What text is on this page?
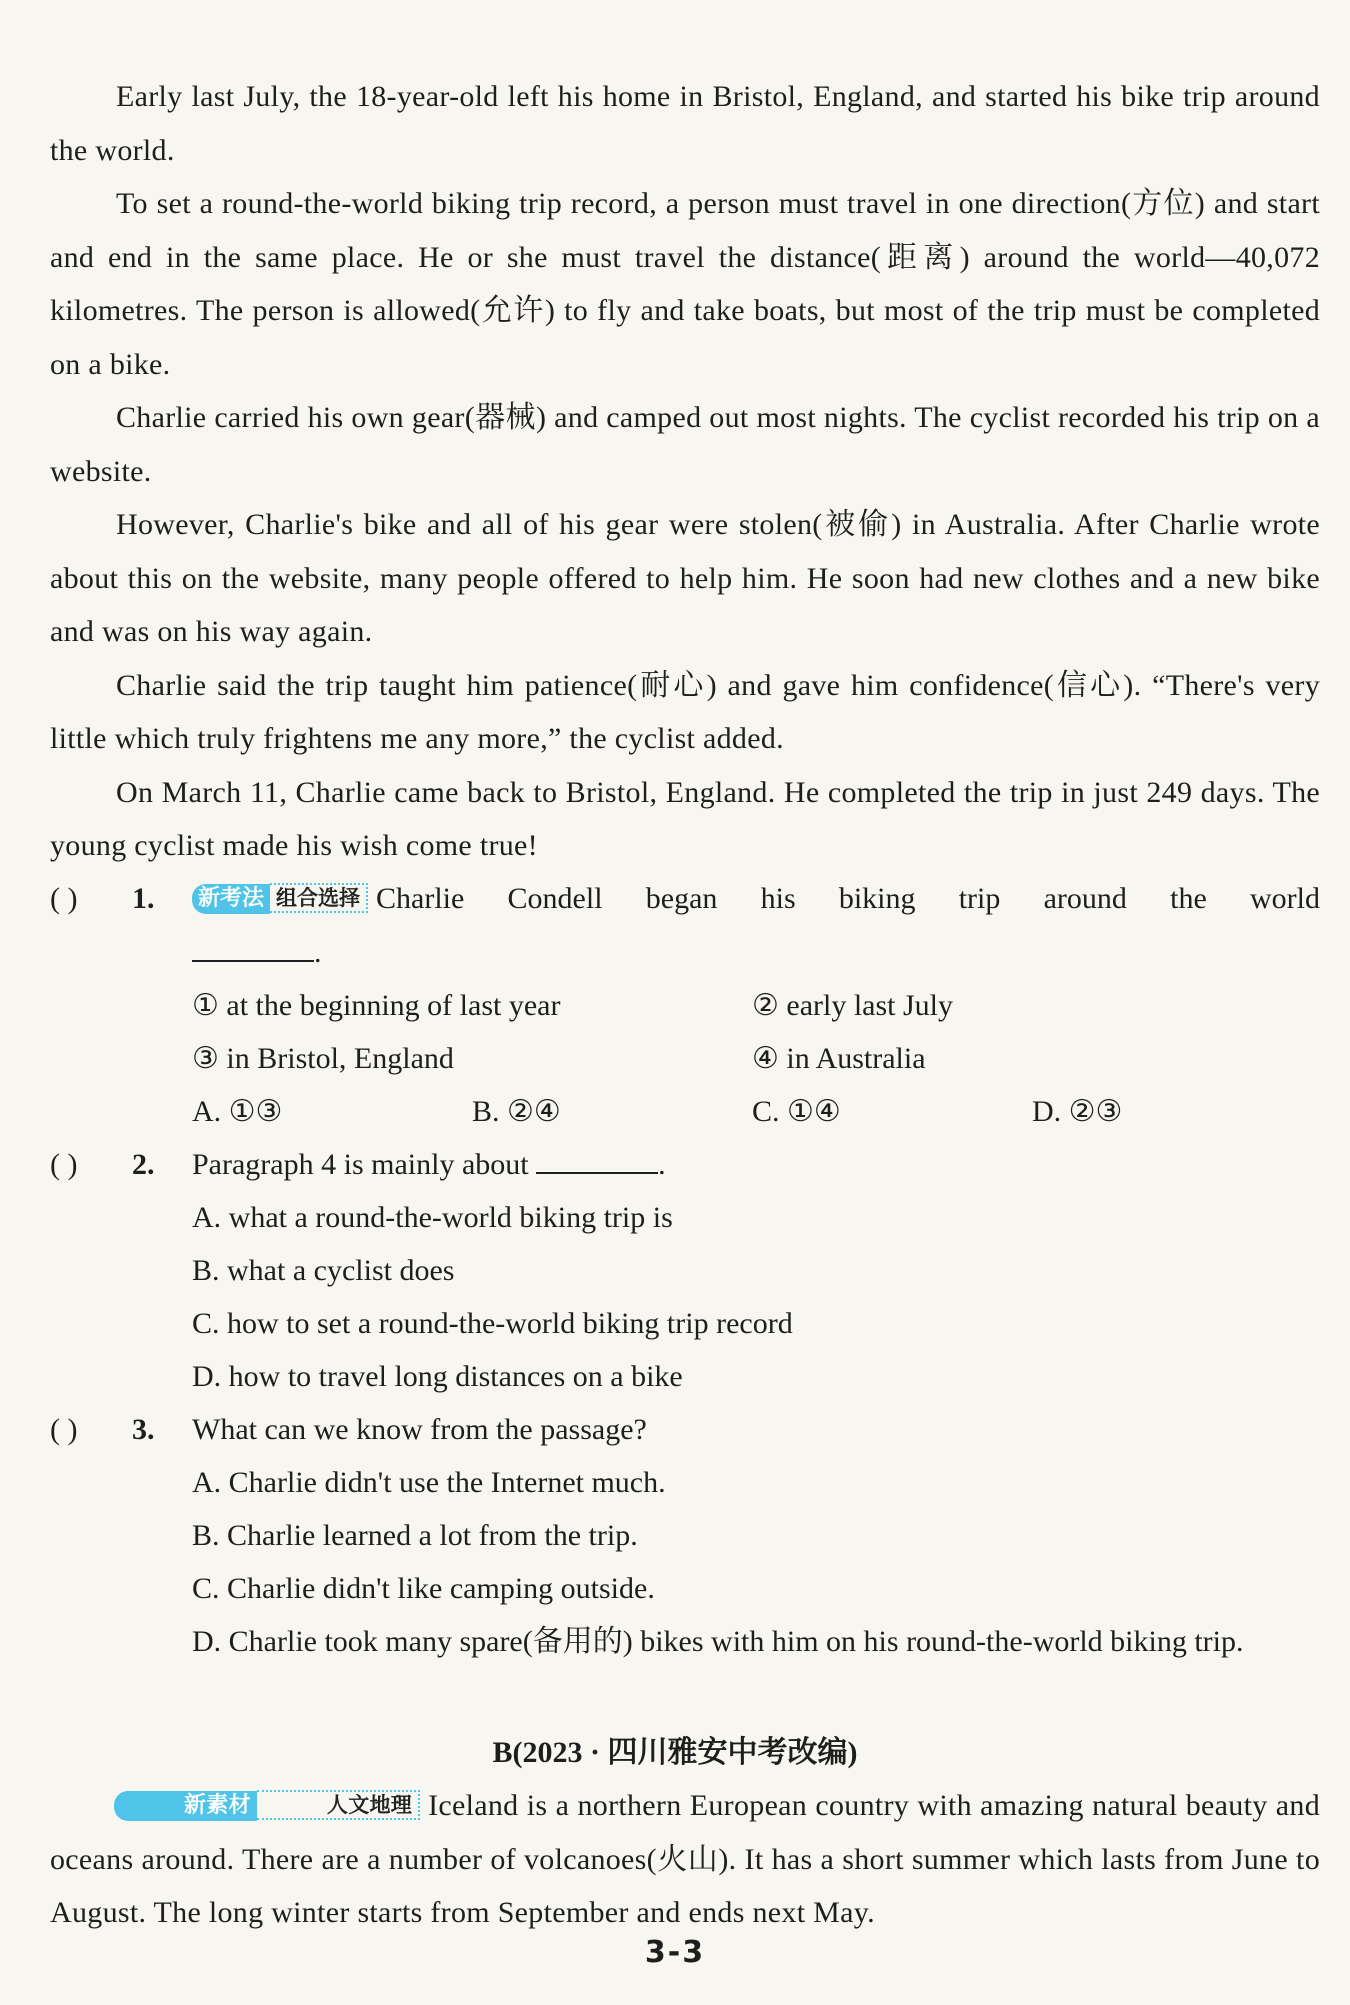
Early last July, the 18-year-old left his home in Bristol, England, and started his bike trip around the world.

To set a round-the-world biking trip record, a person must travel in one direction(方位) and start and end in the same place. He or she must travel the distance(距离) around the world—40,072 kilometres. The person is allowed(允许) to fly and take boats, but most of the trip must be completed on a bike.

Charlie carried his own gear(器械) and camped out most nights. The cyclist recorded his trip on a website.

However, Charlie's bike and all of his gear were stolen(被偷) in Australia. After Charlie wrote about this on the website, many people offered to help him. He soon had new clothes and a new bike and was on his way again.

Charlie said the trip taught him patience(耐心) and gave him confidence(信心). “There's very little which truly frightens me any more,” the cyclist added.

On March 11, Charlie came back to Bristol, England. He completed the trip in just 249 days. The young cyclist made his wish come true!

( ) 1. 新考法 组合选择 Charlie Condell began his biking trip around the world
.
① at the beginning of last year	② early last July
③ in Bristol, England	④ in Australia
A. ①③	B. ②④	C. ①④	D. ②③
( ) 2. Paragraph 4 is mainly about	.
A. what a round-the-world biking trip is
B. what a cyclist does
C. how to set a round-the-world biking trip record
D. how to travel long distances on a bike
( ) 3. What can we know from the passage?
A. Charlie didn't use the Internet much.
B. Charlie learned a lot from the trip.
C. Charlie didn't like camping outside.
D. Charlie took many spare(备用的) bikes with him on his round-the-world biking trip.
B(2023 · 四川雅安中考改编)

新素材	人文地理 Iceland is a northern European country with amazing natural beauty and oceans around. There are a number of volcanoes(火山). It has a short summer which lasts from June to August. The long winter starts from September and ends next May.

3-3
